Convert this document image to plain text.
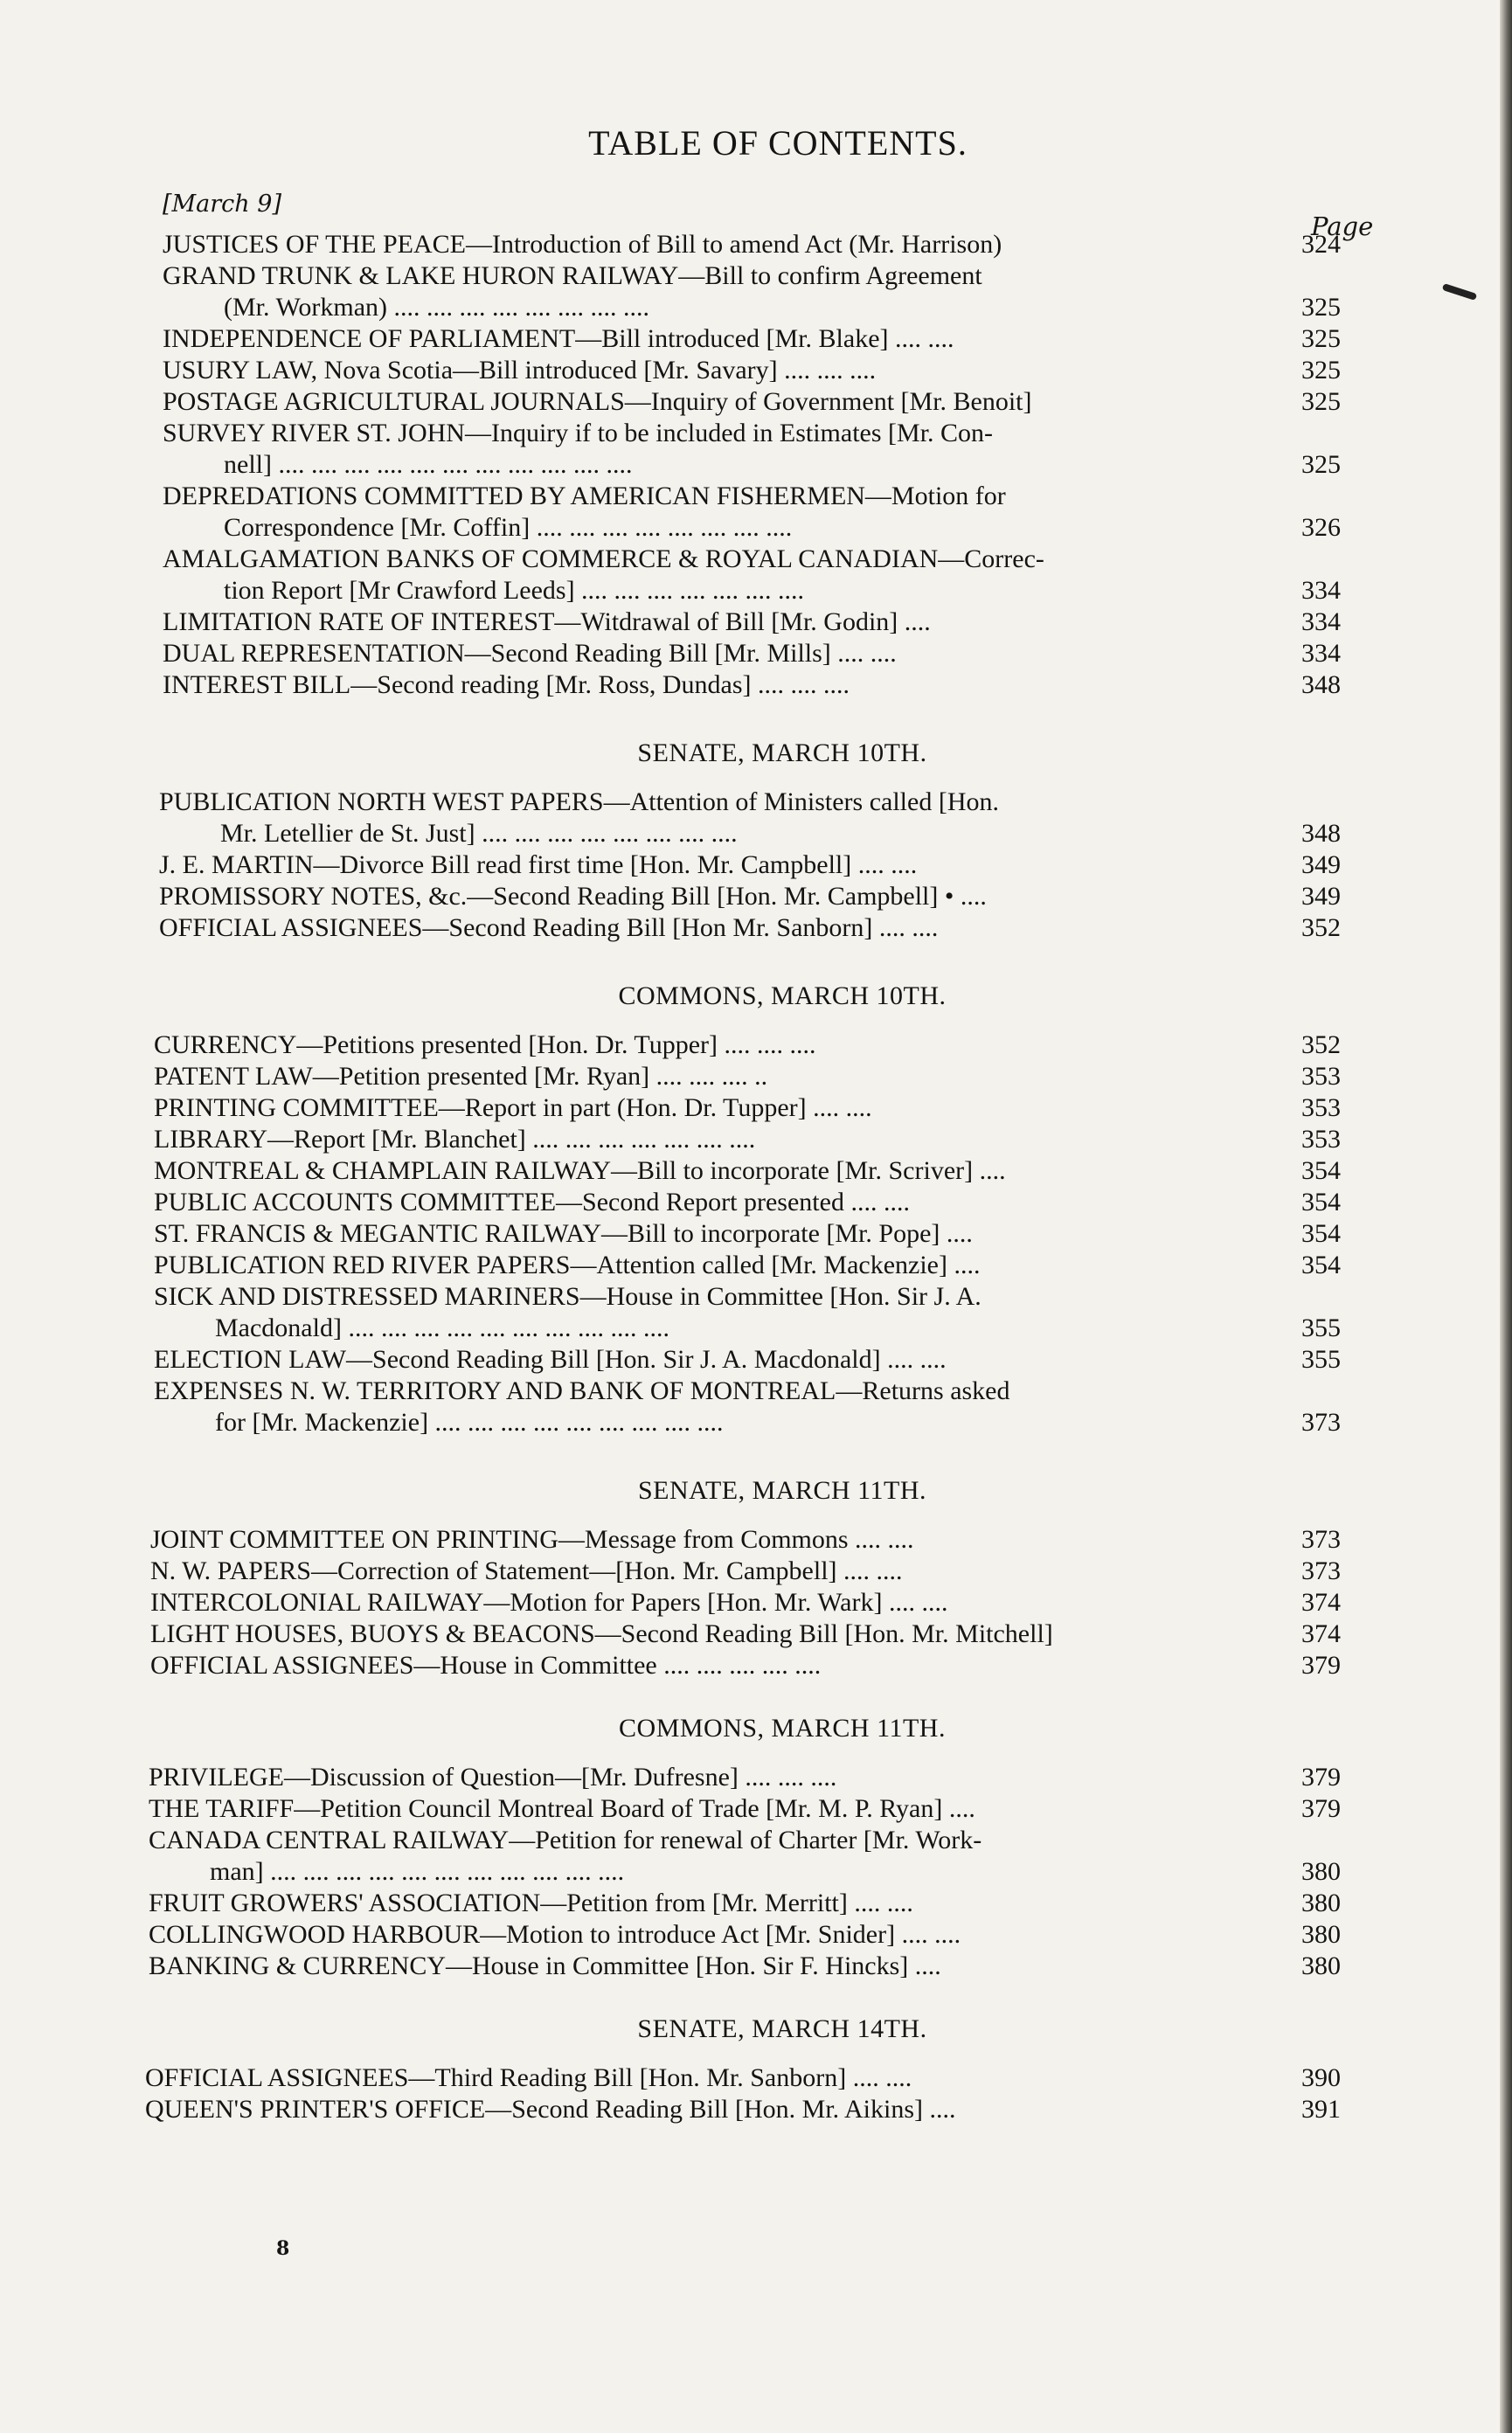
TABLE OF CONTENTS.
[March 9]
Page
JUSTICES OF THE PEACE—Introduction of Bill to amend Act (Mr. Harrison)	324
GRAND TRUNK & LAKE HURON RAILWAY—Bill to confirm Agreement
(Mr. Workman) .... .... .... .... .... .... .... ....	325
INDEPENDENCE OF PARLIAMENT—Bill introduced [Mr. Blake] .... ....	325
USURY LAW, Nova Scotia—Bill introduced [Mr. Savary] .... .... ....	325
POSTAGE AGRICULTURAL JOURNALS—Inquiry of Government [Mr. Benoit]	325
SURVEY RIVER ST. JOHN—Inquiry if to be included in Estimates [Mr. Con-
nell] .... .... .... .... .... .... .... .... .... .... ....	325
DEPREDATIONS COMMITTED BY AMERICAN FISHERMEN—Motion for
Correspondence [Mr. Coffin] .... .... .... .... .... .... .... ....	326
AMALGAMATION BANKS OF COMMERCE & ROYAL CANADIAN—Correc-
tion Report [Mr Crawford Leeds] .... .... .... .... .... .... ....	334
LIMITATION RATE OF INTEREST—Witdrawal of Bill [Mr. Godin] ....	334
DUAL REPRESENTATION—Second Reading Bill [Mr. Mills] .... ....	334
INTEREST BILL—Second reading [Mr. Ross, Dundas] .... .... ....	348
SENATE, MARCH 10TH.
PUBLICATION NORTH WEST PAPERS—Attention of Ministers called [Hon.
Mr. Letellier de St. Just] .... .... .... .... .... .... .... ....	348
J. E. MARTIN—Divorce Bill read first time [Hon. Mr. Campbell] .... ....	349
PROMISSORY NOTES, &c.—Second Reading Bill [Hon. Mr. Campbell] • ....	349
OFFICIAL ASSIGNEES—Second Reading Bill [Hon Mr. Sanborn] .... ....	352
COMMONS, MARCH 10TH.
CURRENCY—Petitions presented [Hon. Dr. Tupper] .... .... ....	352
PATENT LAW—Petition presented [Mr. Ryan] .... .... .... ..	353
PRINTING COMMITTEE—Report in part (Hon. Dr. Tupper] .... ....	353
LIBRARY—Report [Mr. Blanchet] .... .... .... .... .... .... ....	353
MONTREAL & CHAMPLAIN RAILWAY—Bill to incorporate [Mr. Scriver] ....	354
PUBLIC ACCOUNTS COMMITTEE—Second Report presented .... ....	354
ST. FRANCIS & MEGANTIC RAILWAY—Bill to incorporate [Mr. Pope] ....	354
PUBLICATION RED RIVER PAPERS—Attention called [Mr. Mackenzie] ....	354
SICK AND DISTRESSED MARINERS—House in Committee [Hon. Sir J. A.
Macdonald] .... .... .... .... .... .... .... .... .... ....	355
ELECTION LAW—Second Reading Bill [Hon. Sir J. A. Macdonald] .... ....	355
EXPENSES N. W. TERRITORY AND BANK OF MONTREAL—Returns asked
for [Mr. Mackenzie] .... .... .... .... .... .... .... .... ....	373
SENATE, MARCH 11TH.
JOINT COMMITTEE ON PRINTING—Message from Commons .... ....	373
N. W. PAPERS—Correction of Statement—[Hon. Mr. Campbell] .... ....	373
INTERCOLONIAL RAILWAY—Motion for Papers [Hon. Mr. Wark] .... ....	374
LIGHT HOUSES, BUOYS & BEACONS—Second Reading Bill [Hon. Mr. Mitchell]	374
OFFICIAL ASSIGNEES—House in Committee .... .... .... .... ....	379
COMMONS, MARCH 11TH.
PRIVILEGE—Discussion of Question—[Mr. Dufresne] .... .... ....	379
THE TARIFF—Petition Council Montreal Board of Trade [Mr. M. P. Ryan] ....	379
CANADA CENTRAL RAILWAY—Petition for renewal of Charter [Mr. Work-
man] .... .... .... .... .... .... .... .... .... .... ....	380
FRUIT GROWERS' ASSOCIATION—Petition from [Mr. Merritt] .... ....	380
COLLINGWOOD HARBOUR—Motion to introduce Act [Mr. Snider] .... ....	380
BANKING & CURRENCY—House in Committee [Hon. Sir F. Hincks] ....	380
SENATE, MARCH 14TH.
OFFICIAL ASSIGNEES—Third Reading Bill [Hon. Mr. Sanborn] .... ....	390
QUEEN'S PRINTER'S OFFICE—Second Reading Bill [Hon. Mr. Aikins] ....	391
8
